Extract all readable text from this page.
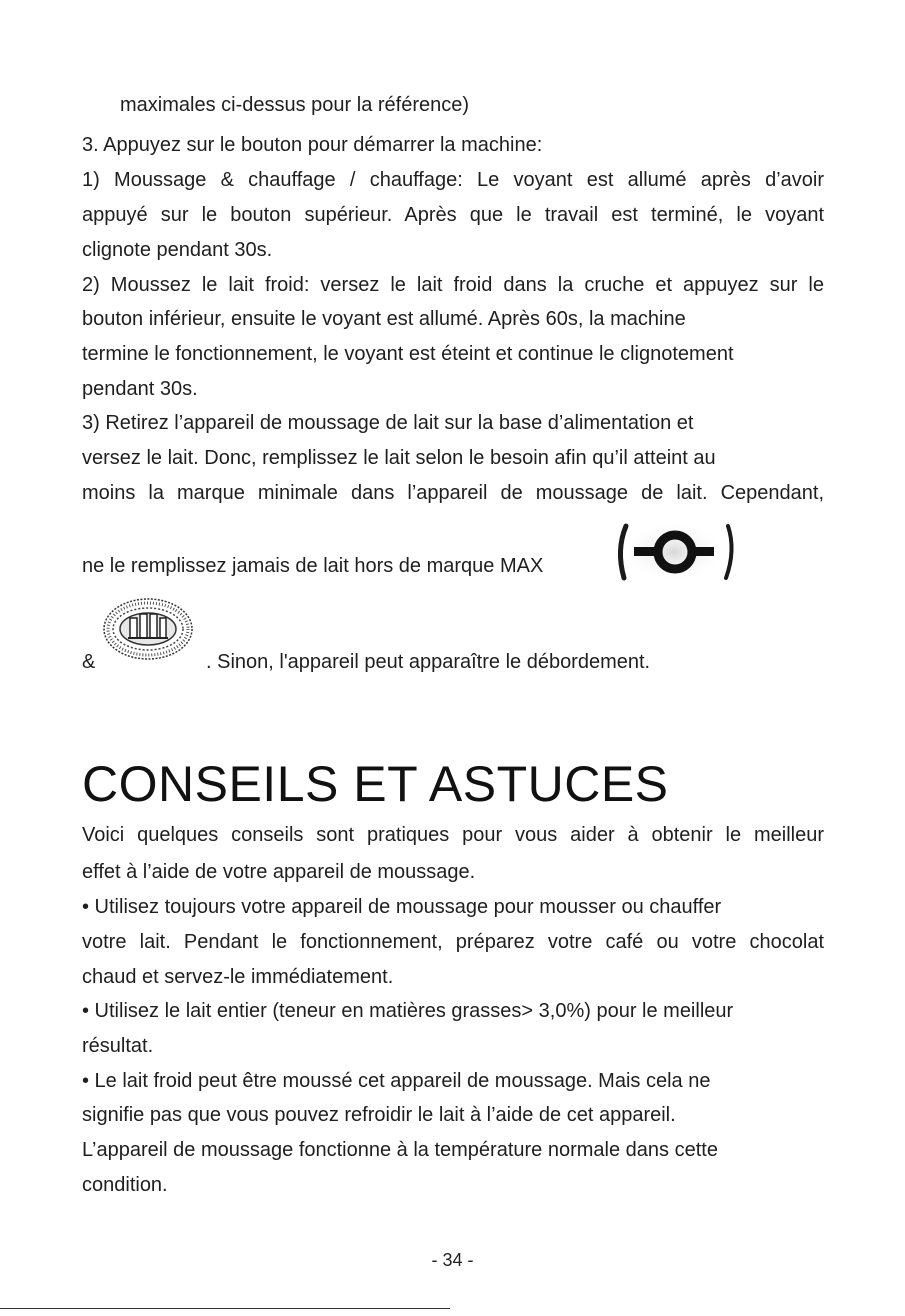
maximales ci-dessus pour la référence)
3. Appuyez sur le bouton pour démarrer la machine:
1) Moussage & chauffage / chauffage: Le voyant est allumé après d’avoir
appuyé sur le bouton supérieur. Après que le travail est terminé, le voyant
clignote pendant 30s.
2) Moussez le lait froid: versez le lait froid dans la cruche et appuyez sur le
bouton inférieur, ensuite le voyant est allumé. Après 60s, la machine
termine le fonctionnement, le voyant est éteint et continue le clignotement
pendant 30s.
3) Retirez l’appareil de moussage de lait sur la base d’alimentation et
versez le lait. Donc, remplissez le lait selon le besoin afin qu’il atteint au
moins la marque minimale dans l’appareil de moussage de lait. Cependant,
ne le remplissez jamais de lait hors de marque MAX
&	. Sinon, l'appareil peut apparaître le débordement.
CONSEILS ET ASTUCES
Voici quelques conseils sont pratiques pour vous aider à obtenir le meilleur
effet à l’aide de votre appareil de moussage.
• Utilisez toujours votre appareil de moussage pour mousser ou chauffer
votre lait. Pendant le fonctionnement, préparez votre café ou votre chocolat
chaud et servez-le immédiatement.
• Utilisez le lait entier (teneur en matières grasses> 3,0%) pour le meilleur
résultat.
• Le lait froid peut être moussé cet appareil de moussage. Mais cela ne
signifie pas que vous pouvez refroidir le lait à l’aide de cet appareil.
L’appareil de moussage fonctionne à la température normale dans cette
condition.
- 34 -
